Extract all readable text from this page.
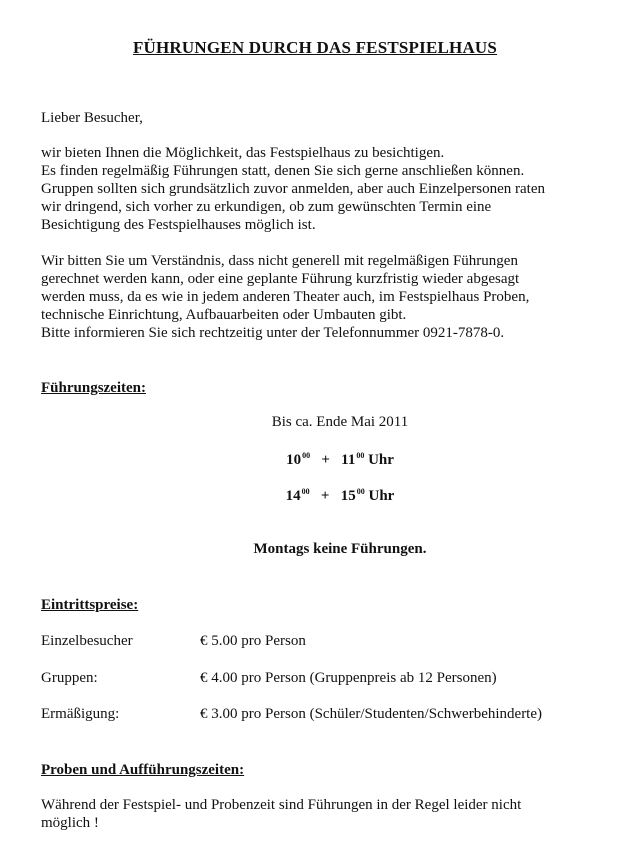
FÜHRUNGEN DURCH DAS FESTSPIELHAUS
Lieber Besucher,
wir bieten Ihnen die Möglichkeit, das Festspielhaus zu besichtigen.
Es finden regelmäßig Führungen statt, denen Sie sich gerne anschließen können.
Gruppen sollten sich grundsätzlich zuvor anmelden, aber auch Einzelpersonen raten
wir dringend, sich vorher zu erkundigen, ob zum gewünschten Termin eine
Besichtigung des Festspielhauses möglich ist.
Wir bitten Sie um Verständnis, dass nicht generell mit regelmäßigen Führungen
gerechnet werden kann, oder eine geplante Führung kurzfristig wieder abgesagt
werden muss, da es wie in jedem anderen Theater auch, im Festspielhaus Proben,
technische Einrichtung, Aufbauarbeiten oder Umbauten gibt.
Bitte informieren Sie sich rechtzeitig unter der Telefonnummer 0921-7878-0.
Führungszeiten:
Bis ca. Ende Mai 2011
$10^{00} + 11^{00}$ Uhr
$14^{00} + 15^{00}$ Uhr
Montags keine Führungen.
Eintrittspreise:
Einzelbesucher	€ 5.00 pro Person
Gruppen:	€ 4.00 pro Person (Gruppenpreis ab 12 Personen)
Ermäßigung:	€ 3.00 pro Person (Schüler/Studenten/Schwerbehinderte)
Proben und Aufführungszeiten:
Während der Festspiel- und Probenzeit sind Führungen in der Regel leider nicht
möglich !
